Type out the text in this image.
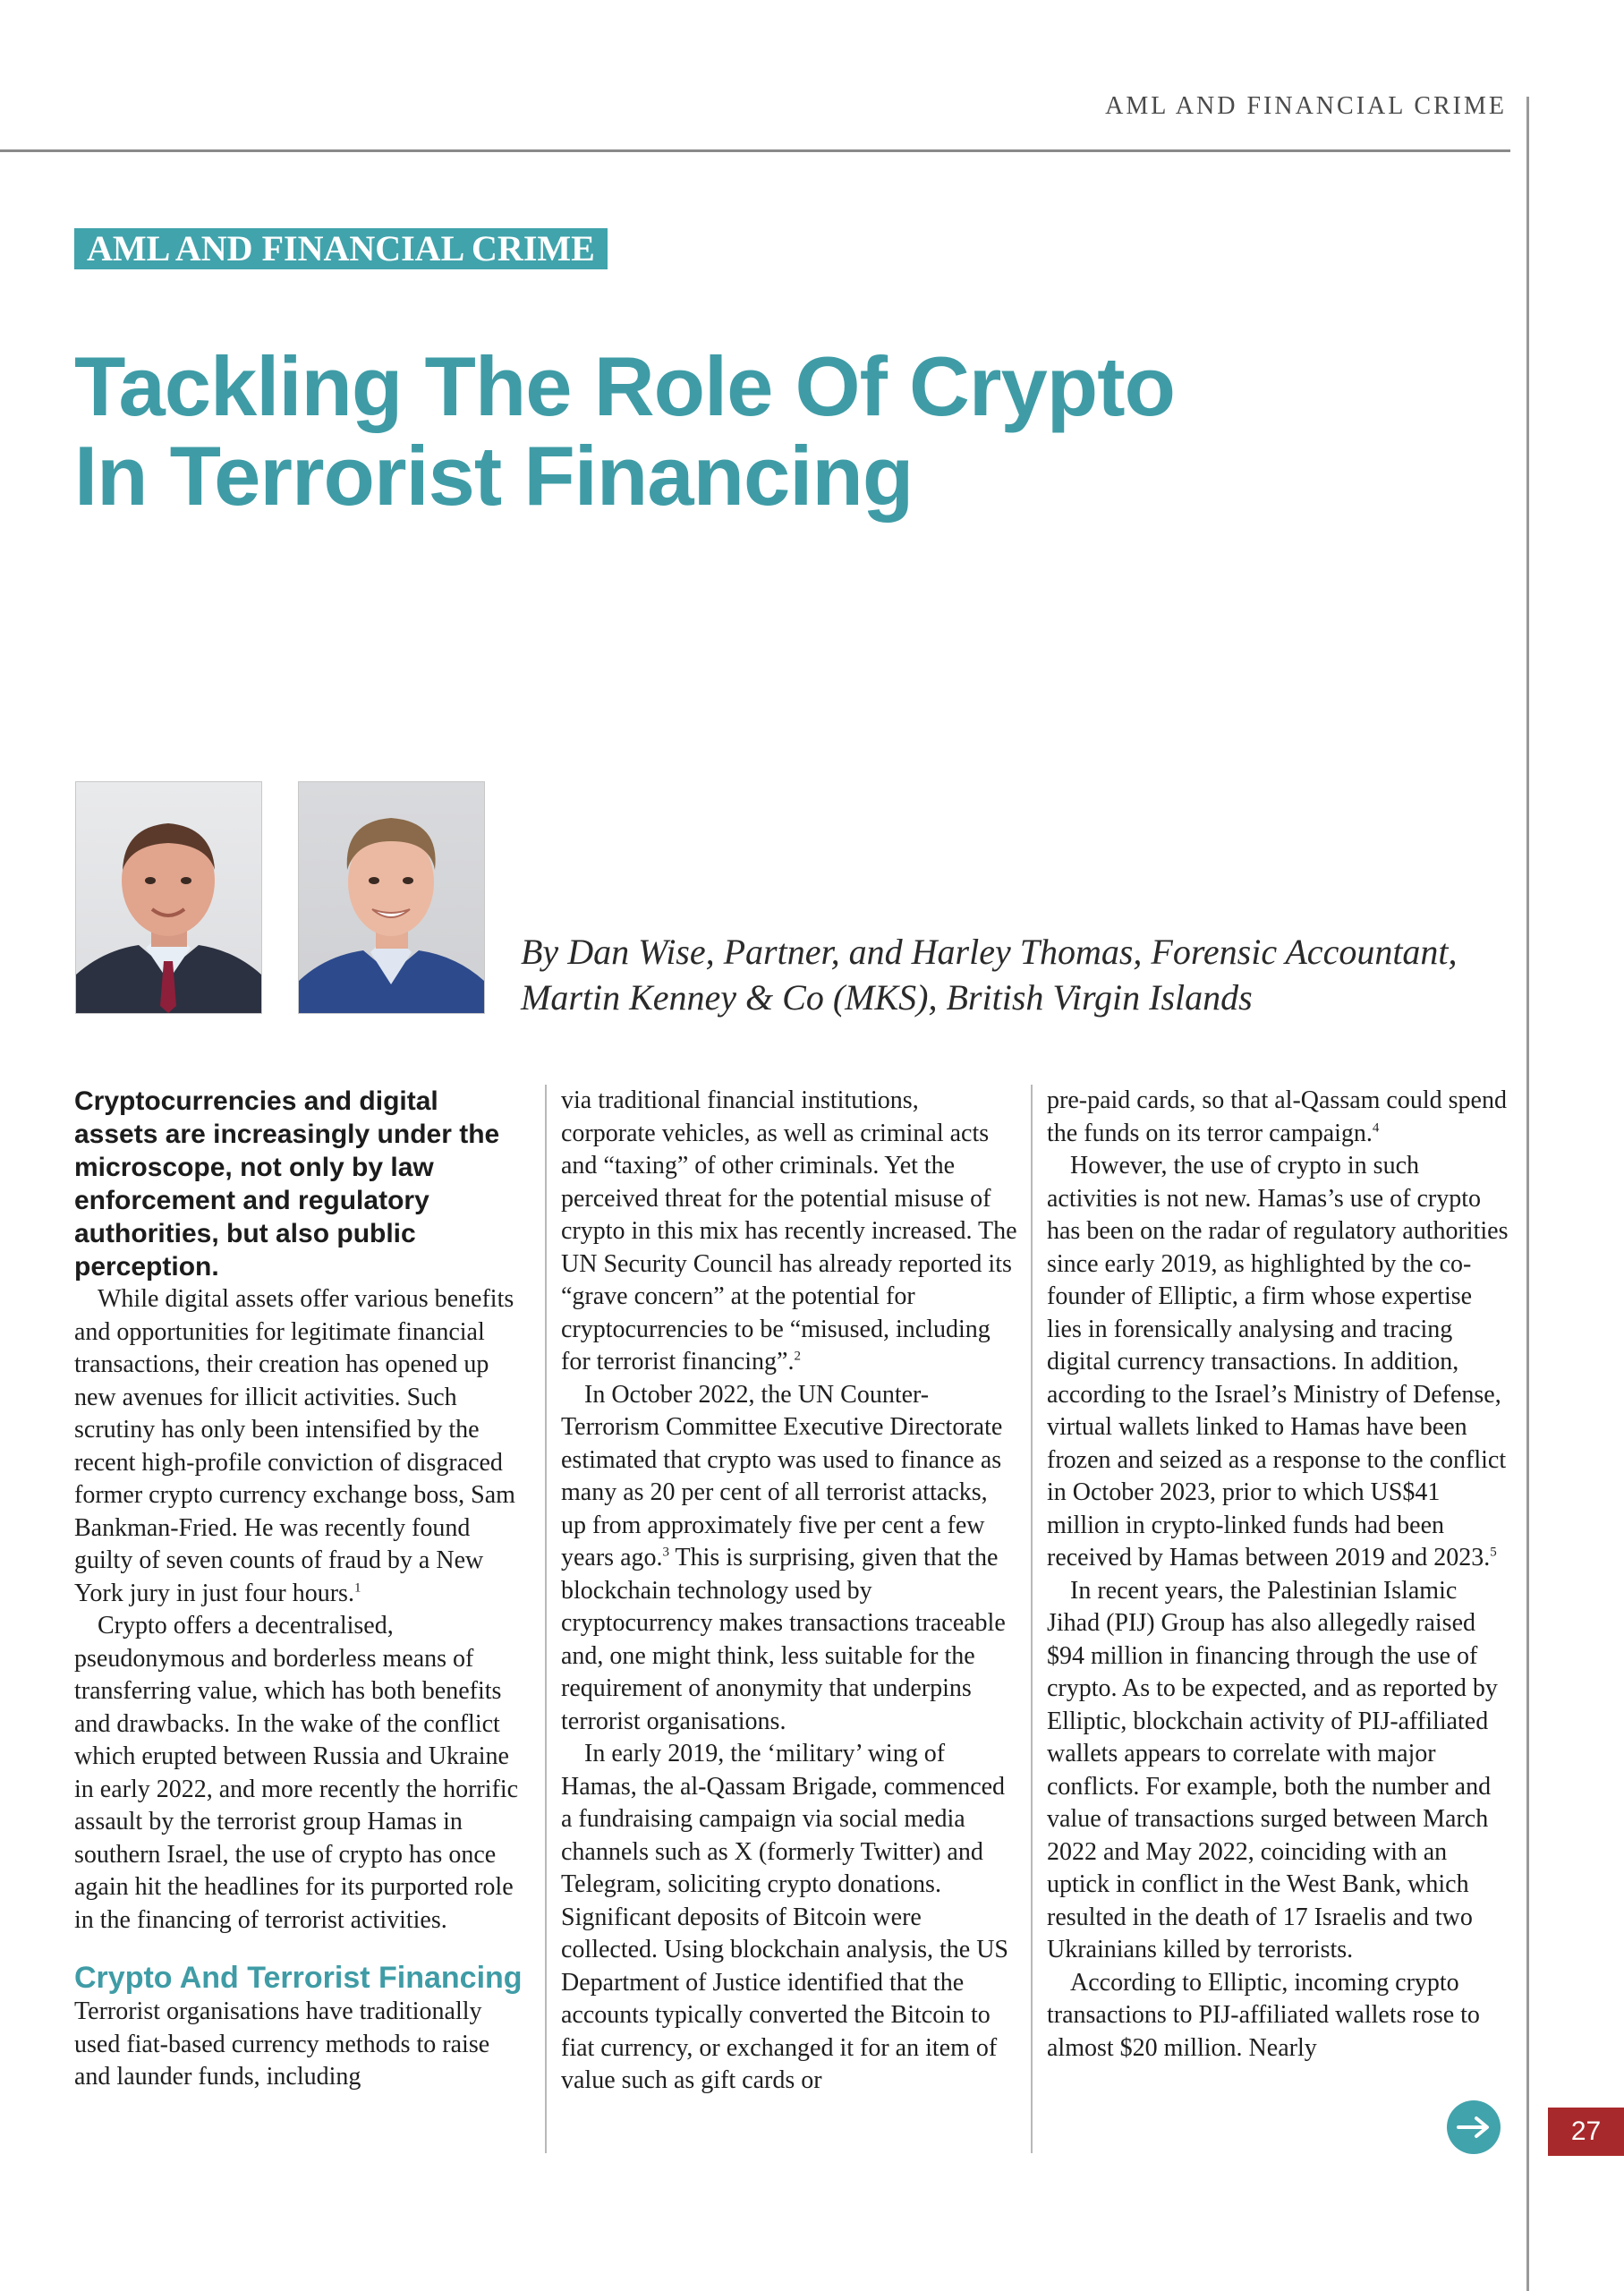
AML AND FINANCIAL CRIME
AML AND FINANCIAL CRIME
Tackling The Role Of Crypto
In Terrorist Financing
By Dan Wise, Partner, and Harley Thomas, Forensic Accountant,
Martin Kenney & Co (MKS), British Virgin Islands

Cryptocurrencies and digital assets are increasingly under the microscope, not only by law enforcement and regulatory authorities, but also public perception.

While digital assets offer various benefits and opportunities for legitimate financial transactions, their creation has opened up new avenues for illicit activities. Such scrutiny has only been intensified by the recent high-profile conviction of disgraced former crypto currency exchange boss, Sam Bankman-Fried. He was recently found guilty of seven counts of fraud by a New York jury in just four hours.$^1$

Crypto offers a decentralised, pseudonymous and borderless means of transferring value, which has both benefits and drawbacks. In the wake of the conflict which erupted between Russia and Ukraine in early 2022, and more recently the horrific assault by the terrorist group Hamas in southern Israel, the use of crypto has once again hit the headlines for its purported role in the financing of terrorist activities.

Crypto And Terrorist Financing

Terrorist organisations have traditionally used fiat-based currency methods to raise and launder funds, including

via traditional financial institutions, corporate vehicles, as well as criminal acts and “taxing” of other criminals. Yet the perceived threat for the potential misuse of crypto in this mix has recently increased. The UN Security Council has already reported its “grave concern” at the potential for cryptocurrencies to be “misused, including for terrorist financing”.$^2$

In October 2022, the UN Counter-Terrorism Committee Executive Directorate estimated that crypto was used to finance as many as 20 per cent of all terrorist attacks, up from approximately five per cent a few years ago.$^3$ This is surprising, given that the blockchain technology used by cryptocurrency makes transactions traceable and, one might think, less suitable for the requirement of anonymity that underpins terrorist organisations.

In early 2019, the ‘military’ wing of Hamas, the al-Qassam Brigade, commenced a fundraising campaign via social media channels such as X (formerly Twitter) and Telegram, soliciting crypto donations. Significant deposits of Bitcoin were collected. Using blockchain analysis, the US Department of Justice identified that the accounts typically converted the Bitcoin to fiat currency, or exchanged it for an item of value such as gift cards or

pre-paid cards, so that al-Qassam could spend the funds on its terror campaign.$^4$

However, the use of crypto in such activities is not new. Hamas’s use of crypto has been on the radar of regulatory authorities since early 2019, as highlighted by the co-founder of Elliptic, a firm whose expertise lies in forensically analysing and tracing digital currency transactions. In addition, according to the Israel’s Ministry of Defense, virtual wallets linked to Hamas have been frozen and seized as a response to the conflict in October 2023, prior to which US$41 million in crypto-linked funds had been received by Hamas between 2019 and 2023.$^5$

In recent years, the Palestinian Islamic Jihad (PIJ) Group has also allegedly raised $94 million in financing through the use of crypto. As to be expected, and as reported by Elliptic, blockchain activity of PIJ-affiliated wallets appears to correlate with major conflicts. For example, both the number and value of transactions surged between March 2022 and May 2022, coinciding with an uptick in conflict in the West Bank, which resulted in the death of 17 Israelis and two Ukrainians killed by terrorists.

According to Elliptic, incoming crypto transactions to PIJ-affiliated wallets rose to almost $20 million. Nearly

27
